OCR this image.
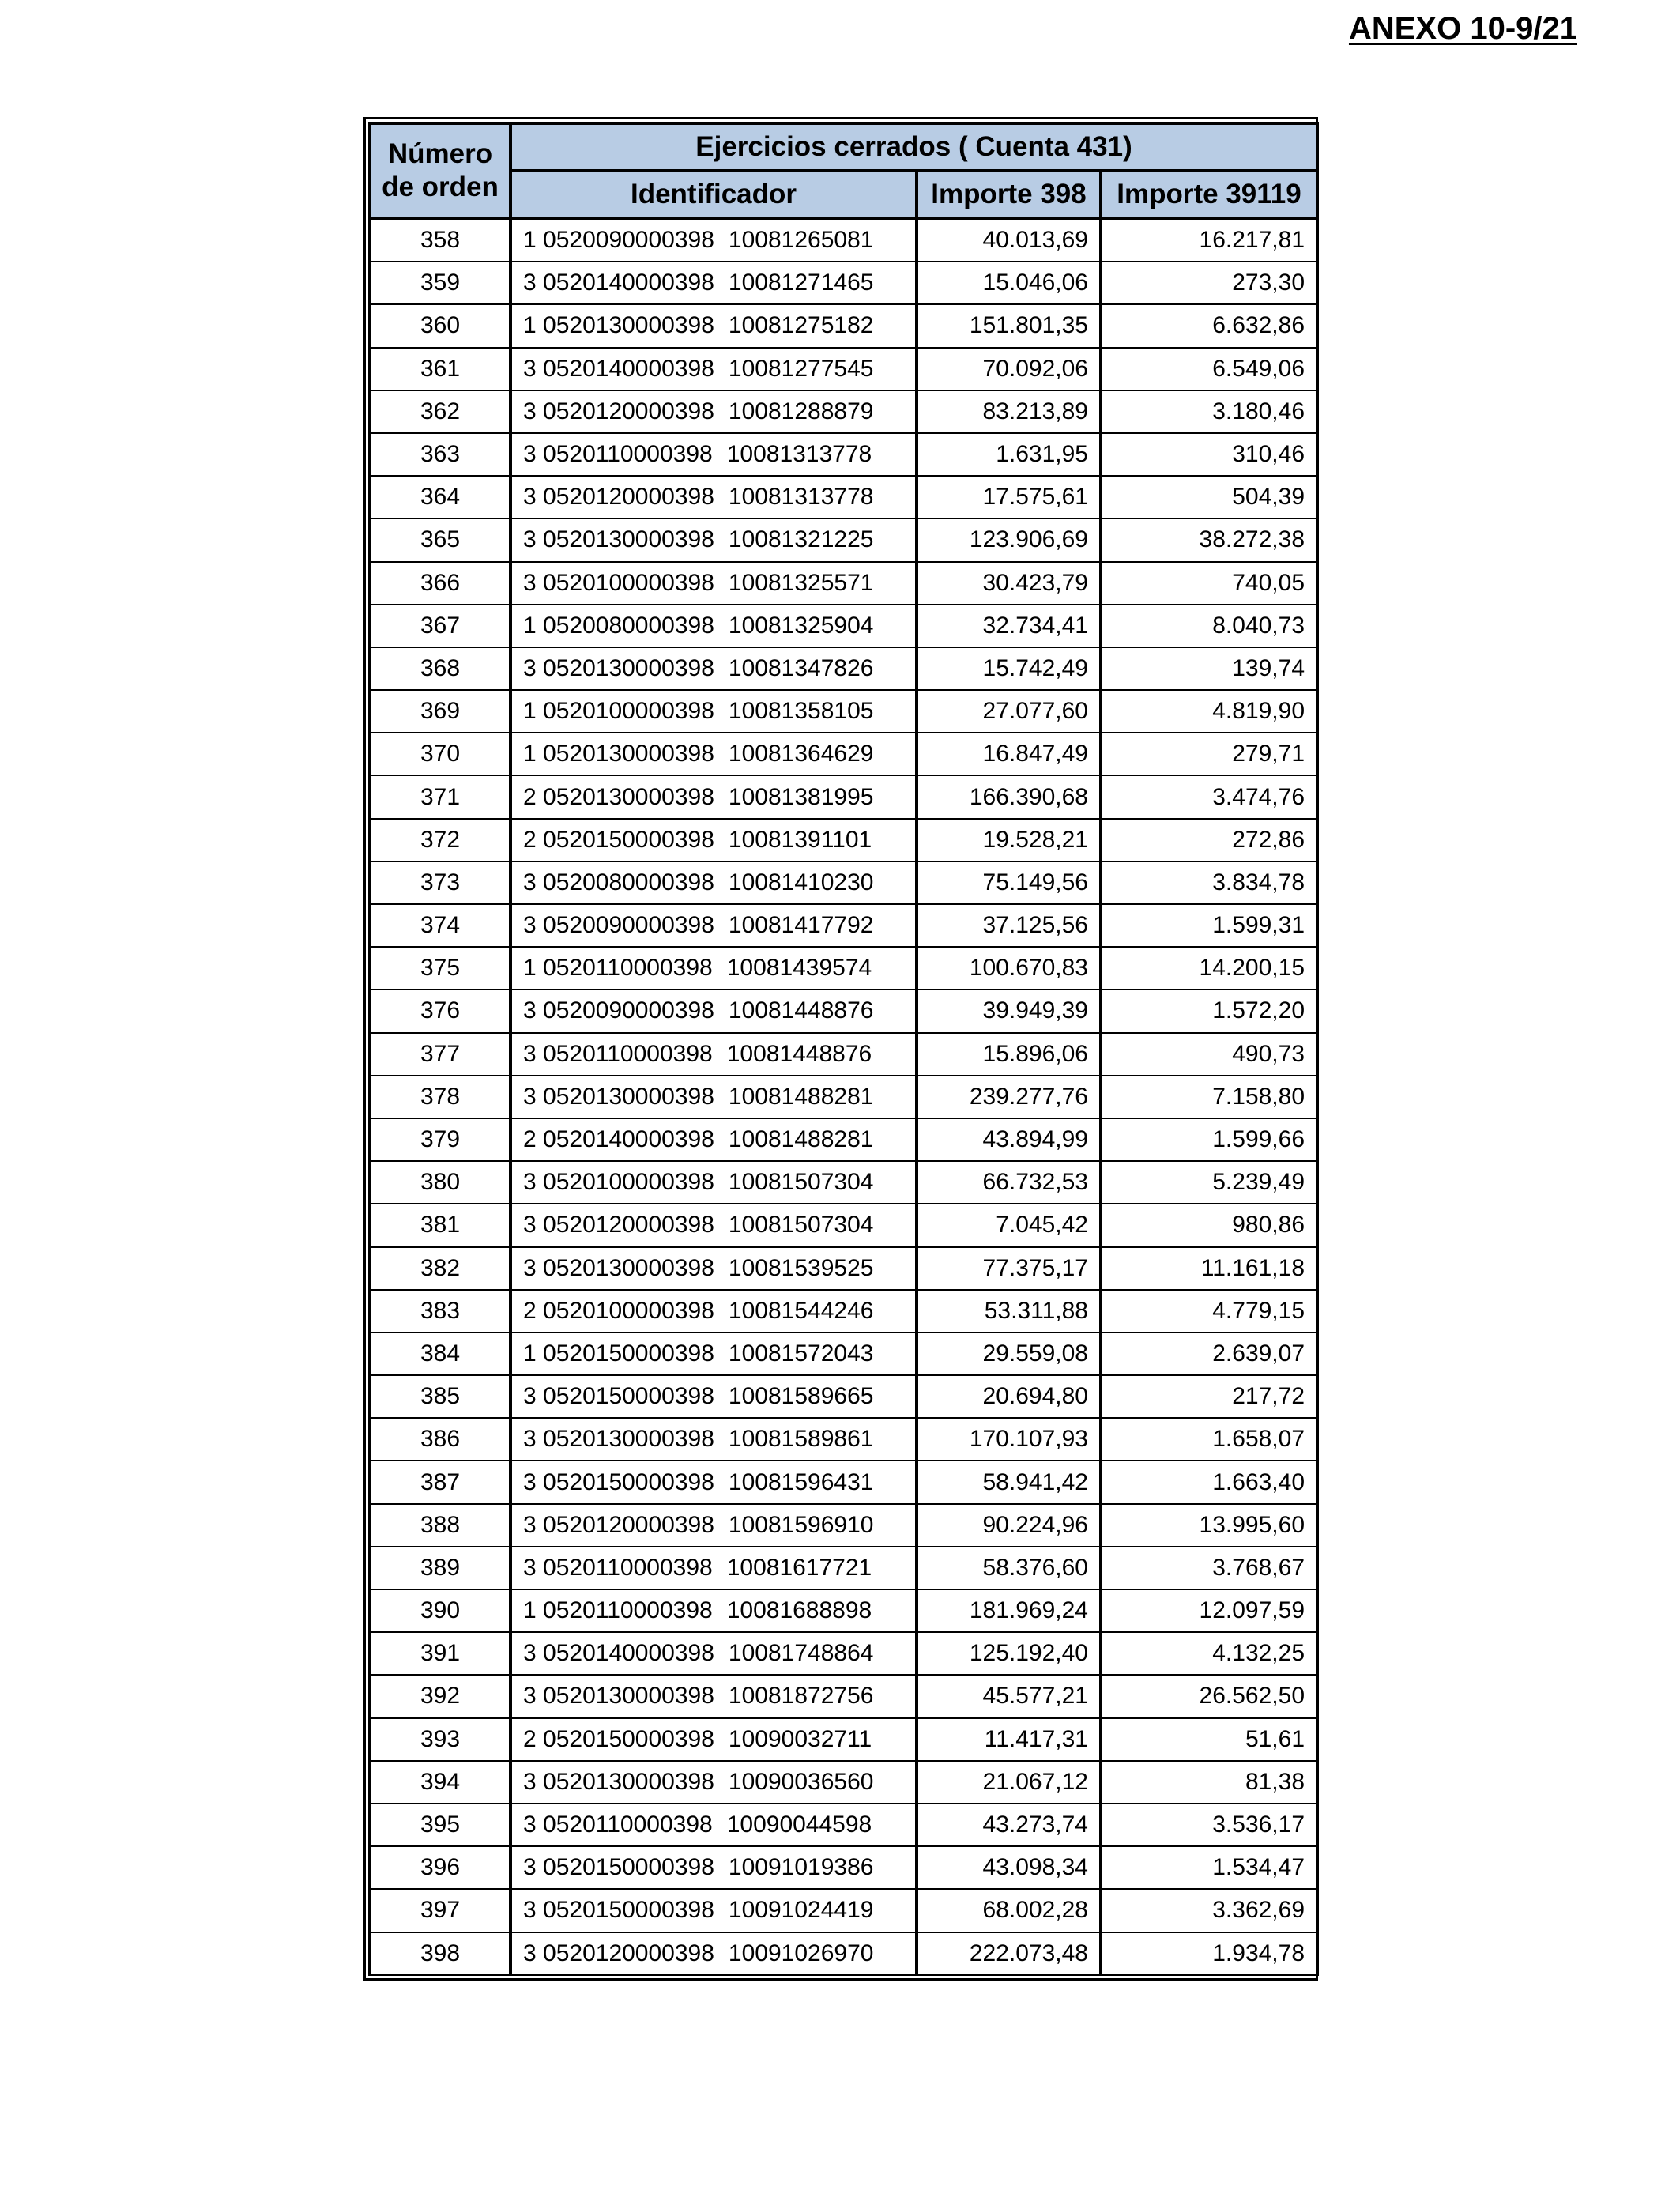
ANEXO 10-9/21
Número de orden	Ejercicios cerrados ( Cuenta 431)		
	Identificador	Importe 398	Importe 39119
358	1 0520090000398 10081265081	40.013,69	16.217,81
359	3 0520140000398 10081271465	15.046,06	273,30
360	1 0520130000398 10081275182	151.801,35	6.632,86
361	3 0520140000398 10081277545	70.092,06	6.549,06
362	3 0520120000398 10081288879	83.213,89	3.180,46
363	3 0520110000398 10081313778	1.631,95	310,46
364	3 0520120000398 10081313778	17.575,61	504,39
365	3 0520130000398 10081321225	123.906,69	38.272,38
366	3 0520100000398 10081325571	30.423,79	740,05
367	1 0520080000398 10081325904	32.734,41	8.040,73
368	3 0520130000398 10081347826	15.742,49	139,74
369	1 0520100000398 10081358105	27.077,60	4.819,90
370	1 0520130000398 10081364629	16.847,49	279,71
371	2 0520130000398 10081381995	166.390,68	3.474,76
372	2 0520150000398 10081391101	19.528,21	272,86
373	3 0520080000398 10081410230	75.149,56	3.834,78
374	3 0520090000398 10081417792	37.125,56	1.599,31
375	1 0520110000398 10081439574	100.670,83	14.200,15
376	3 0520090000398 10081448876	39.949,39	1.572,20
377	3 0520110000398 10081448876	15.896,06	490,73
378	3 0520130000398 10081488281	239.277,76	7.158,80
379	2 0520140000398 10081488281	43.894,99	1.599,66
380	3 0520100000398 10081507304	66.732,53	5.239,49
381	3 0520120000398 10081507304	7.045,42	980,86
382	3 0520130000398 10081539525	77.375,17	11.161,18
383	2 0520100000398 10081544246	53.311,88	4.779,15
384	1 0520150000398 10081572043	29.559,08	2.639,07
385	3 0520150000398 10081589665	20.694,80	217,72
386	3 0520130000398 10081589861	170.107,93	1.658,07
387	3 0520150000398 10081596431	58.941,42	1.663,40
388	3 0520120000398 10081596910	90.224,96	13.995,60
389	3 0520110000398 10081617721	58.376,60	3.768,67
390	1 0520110000398 10081688898	181.969,24	12.097,59
391	3 0520140000398 10081748864	125.192,40	4.132,25
392	3 0520130000398 10081872756	45.577,21	26.562,50
393	2 0520150000398 10090032711	11.417,31	51,61
394	3 0520130000398 10090036560	21.067,12	81,38
395	3 0520110000398 10090044598	43.273,74	3.536,17
396	3 0520150000398 10091019386	43.098,34	1.534,47
397	3 0520150000398 10091024419	68.002,28	3.362,69
398	3 0520120000398 10091026970	222.073,48	1.934,78
